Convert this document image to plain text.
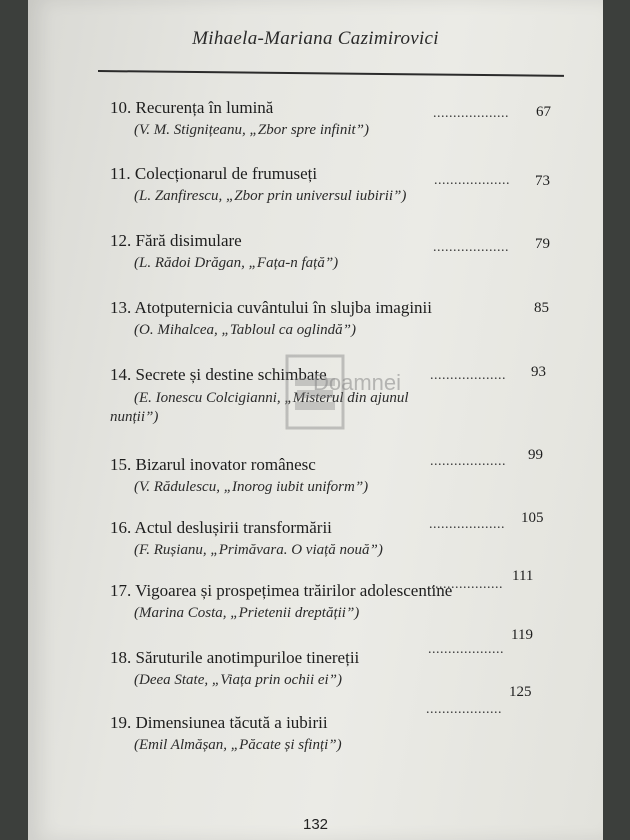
Mihaela-Mariana Cazimirovici
10. Recurența în lumină
(V. M. Stignițeanu, „Zbor spre infinit”)
................... 67
11. Colecționarul de frumuseți
(L. Zanfirescu, „Zbor prin universul iubirii”)
................... 73
12. Fără disimulare
(L. Rădoi Drăgan, „Fața-n față”)
................... 79
13. Atotputernicia cuvântului în slujba imaginii
(O. Mihalcea, „Tabloul ca oglindă”)
85
14. Secrete și destine schimbate
(E. Ionescu Colcigianni, „Misterul din ajunul nunții”)
................... 93
Doamnei
15. Bizarul inovator românesc
(V. Rădulescu, „Inorog iubit uniform”)
................... 99
16. Actul deslușirii transformării
(F. Rușianu, „Primăvara. O viață nouă”)
................... 105
17. Vigoarea și prospețimea trăirilor adolescentine
(Marina Costa, „Prietenii dreptății”)
...................
111
18. Săruturile anotimpuriloe tinereții
(Deea State, „Viața prin ochii ei”)
...................
119
19. Dimensiunea tăcută a iubirii
(Emil Almășan, „Păcate și sfinți”)
...................
125
132
